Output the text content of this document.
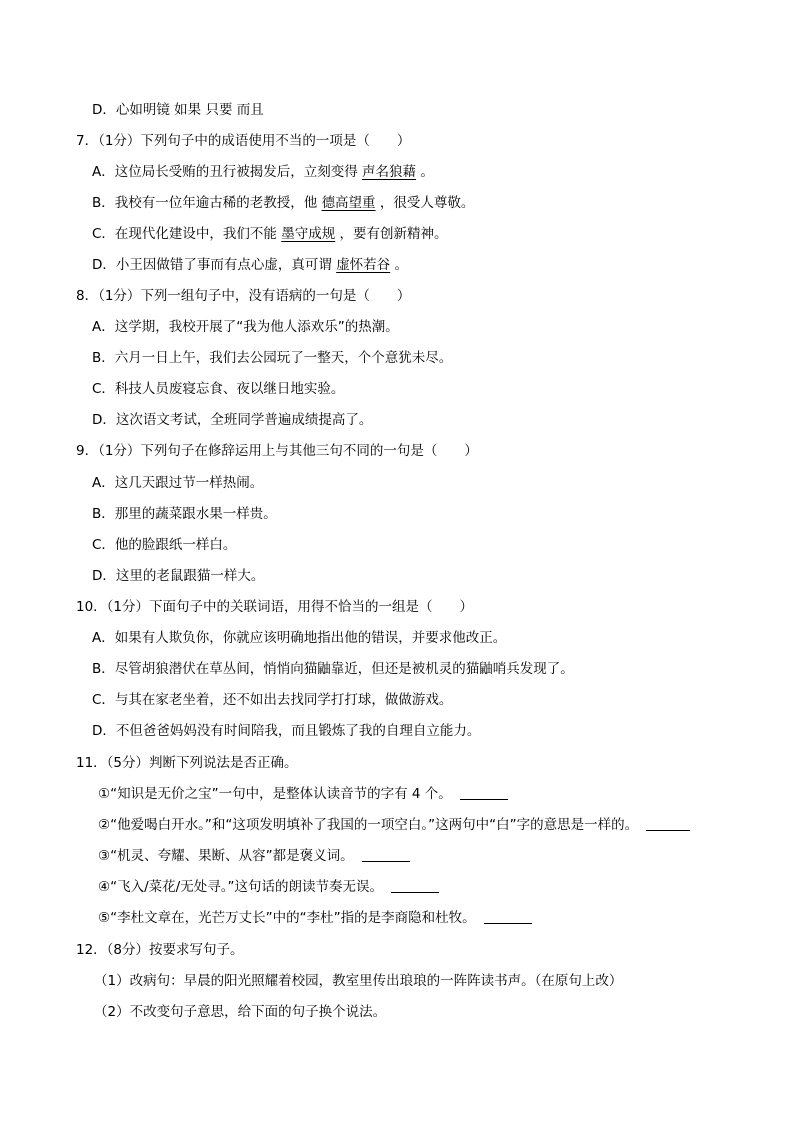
D．心如明镜 如果 只要 而且
7．（1分）下列句子中的成语使用不当的一项是（　　）
A．这位局长受贿的丑行被揭发后，立刻变得 声名狼藉 。
B．我校有一位年逾古稀的老教授，他 德高望重 ，很受人尊敬。
C．在现代化建设中，我们不能 墨守成规 ，要有创新精神。
D．小王因做错了事而有点心虚，真可谓 虚怀若谷 。
8．（1分）下列一组句子中，没有语病的一句是（　　）
A．这学期，我校开展了“我为他人添欢乐”的热潮。
B．六月一日上午，我们去公园玩了一整天，个个意犹未尽。
C．科技人员废寝忘食、夜以继日地实验。
D．这次语文考试，全班同学普遍成绩提高了。
9．（1分）下列句子在修辞运用上与其他三句不同的一句是（　　）
A．这几天跟过节一样热闹。
B．那里的蔬菜跟水果一样贵。
C．他的脸跟纸一样白。
D．这里的老鼠跟猫一样大。
10．（1分）下面句子中的关联词语，用得不恰当的一组是（　　）
A．如果有人欺负你，你就应该明确地指出他的错误，并要求他改正。
B．尽管胡狼潜伏在草丛间，悄悄向猫鼬靠近，但还是被机灵的猫鼬哨兵发现了。
C．与其在家老坐着，还不如出去找同学打打球，做做游戏。
D．不但爸爸妈妈没有时间陪我，而且锻炼了我的自理自立能力。
11．（5分）判断下列说法是否正确。
①“知识是无价之宝”一句中，是整体认读音节的字有 4 个。
②“他爱喝白开水。”和“这项发明填补了我国的一项空白。”这两句中“白”字的意思是一样的。
③“机灵、夸耀、果断、从容”都是褒义词。
④“飞入/菜花/无处寻。”这句话的朗读节奏无误。
⑤“李杜文章在，光芒万丈长”中的“李杜”指的是李商隐和杜牧。
12．（8分）按要求写句子。
（1）改病句：早晨的阳光照耀着校园，教室里传出琅琅的一阵阵读书声。（在原句上改）
（2）不改变句子意思，给下面的句子换个说法。
